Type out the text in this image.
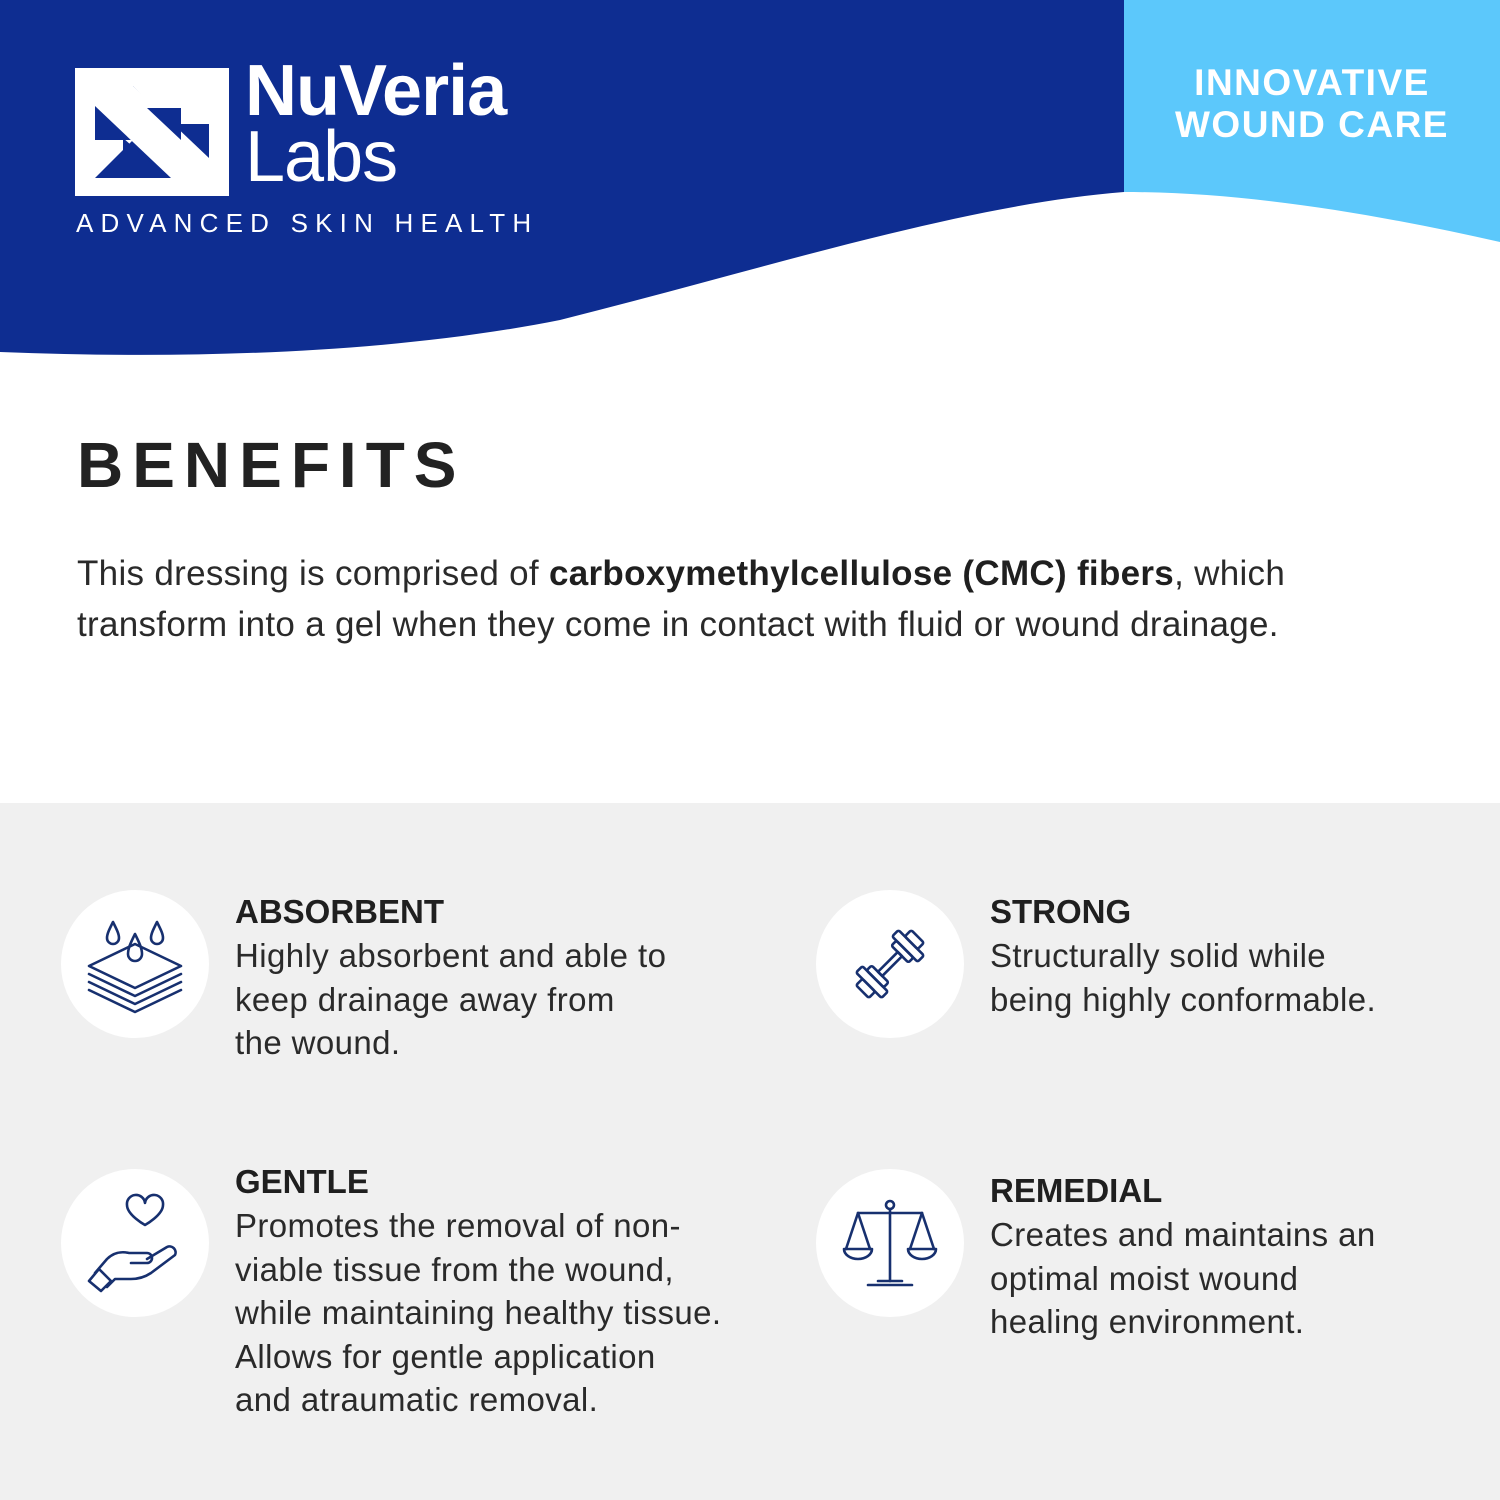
NuVeria
Labs
ADVANCED SKIN HEALTH
INNOVATIVE
WOUND CARE
BENEFITS

This dressing is comprised of carboxymethylcellulose (CMC) fibers, which transform into a gel when they come in contact with fluid or wound drainage.

ABSORBENT

Highly absorbent and able to
keep drainage away from
the wound.

STRONG

Structurally solid while
being highly conformable.

GENTLE

Promotes the removal of non-
viable tissue from the wound,
while maintaining healthy tissue.
Allows for gentle application
and atraumatic removal.

REMEDIAL

Creates and maintains an
optimal moist wound
healing environment.
